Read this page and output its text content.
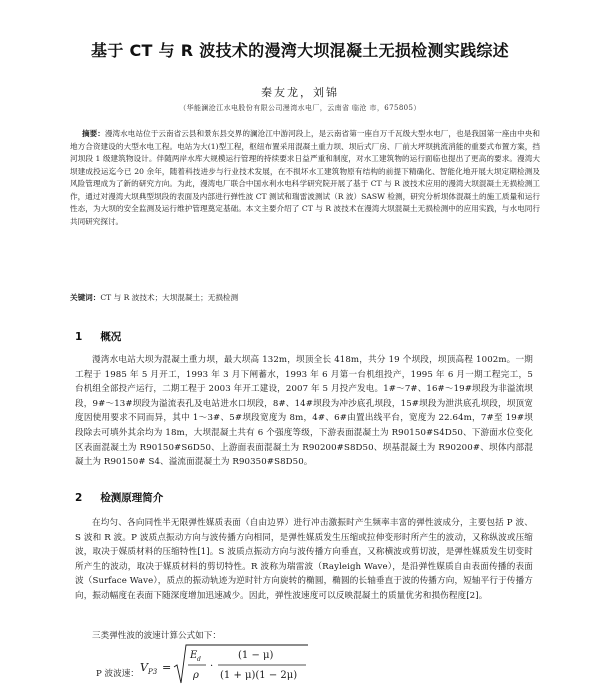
基于 CT 与 R 波技术的漫湾大坝混凝土无损检测实践综述
秦友龙，刘锦
（华能澜沧江水电股份有限公司漫湾水电厂，云南省 临沧 市，675805）
摘要：漫湾水电站位于云南省云县和景东县交界的澜沧江中游河段上，是云南省第一座自万千瓦级大型水电厂，也是我国第一座由中央和地方合资建设的大型水电工程。电站为大(1)型工程，枢纽布置采用混凝土重力坝、坝后式厂房、厂前大坪坝挑流消能的重要式布置方案，挡河坝段 1 级建筑物设计。伴随两岸水库大规模运行管理的持续要求日益严重和制度，对水工建筑物的运行面临也提出了更高的要求。漫湾大坝建成投运迄今已 20 余年，随着科技进步与行业技术发展，在不损坏水工建筑物原有结构的前提下精确化、智能化地开展大坝定期检测及风险管理成为了新的研究方向。为此，漫湾电厂联合中国水利水电科学研究院开展了基于 CT 与 R 波技术应用的漫湾大坝混凝土无损检测工作，通过对漫湾大坝典型坝段的表面及内部进行弹性波 CT 测试和瑞雷波测试（R 波）SASW 检测，研究分析坝体混凝土的施工质量和运行性态，为大坝的安全监测及运行维护管理奠定基础。本文主要介绍了 CT 与 R 波技术在漫湾大坝混凝土无损检测中的应用实践，与水电同行共同研究探讨。
关键词：CT 与 R 波技术；大坝混凝土；无损检测
1 概况
漫湾水电站大坝为混凝土重力坝，最大坝高 132m，坝顶全长 418m，共分 19 个坝段，坝顶高程 1002m。一期工程于 1985 年 5 月开工，1993 年 3 月下闸蓄水，1993 年 6 月第一台机组投产，1995 年 6 月一期工程完工，5 台机组全部投产运行，二期工程于 2003 年开工建设，2007 年 5 月投产发电。1#～7#、16#～19#坝段为非溢流坝段，9#～13#坝段为溢流表孔及电站进水口坝段，8#、14#坝段为冲沙底孔坝段，15#坝段为泄洪底孔坝段，坝顶宽度因使用要求不同而异，其中 1～3#、5#坝段宽度为 8m，4#、6#由置出线平台，宽度为 22.64m，7#至 19#坝段除去可填外其余均为 18m，大坝混凝土共有 6 个强度等级，下游表面混凝土为 R90150#S4D50、下游面水位变化区表面混凝土为 R90150#S6D50、上游面表面混凝土为 R90200#S8D50、坝基混凝土为 R90200#、坝体内部混凝土为 R90150# S4、溢流面混凝土为 R90350#S8D50。
2 检测原理简介
在均匀、各向同性半无限弹性媒质表面（自由边界）进行冲击激振时产生频率丰富的弹性波成分，主要包括 P 波、S 波和 R 波。P 波质点振动方向与波传播方向相同，是弹性媒质发生压缩或拉伸变形时所产生的波动，又称纵波或压缩波，取决于媒质材料的压缩特性[1]。S 波质点振动方向与波传播方向垂直，又称横波或剪切波，是弹性媒质发生切变时所产生的波动，取决于媒质材料的剪切特性。R 波称为瑞雷波（Rayleigh Wave），是沿弹性媒质自由表面传播的表面波（Surface Wave），质点的振动轨迹为逆时针方向旋转的椭圆，椭圆的长轴垂直于波的传播方向，短轴平行于传播方向，振动幅度在表面下随深度增加迅速减少。因此，弹性波速度可以反映混凝土的质量优劣和损伤程度[2]。
三类弹性波的波速计算公式如下：
P 波波速： V P3 =
E d
ρ
·
(1 − μ)
(1 + μ)(1 − 2μ)
